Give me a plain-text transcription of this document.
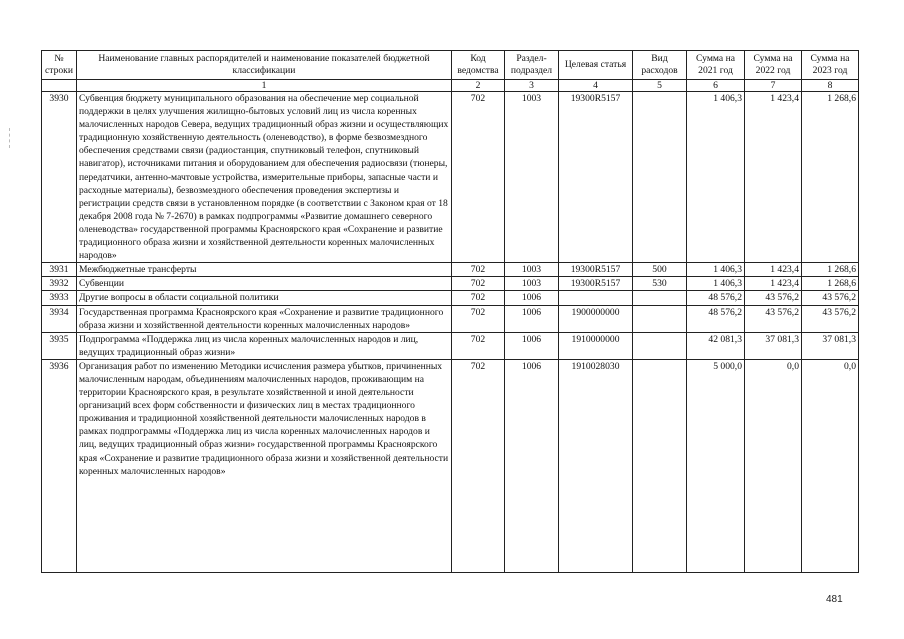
№ строки	Наименование главных распорядителей и наименование показателей бюджетной классификации	Код ведомства	Раздел-подраздел	Целевая статья	Вид расходов	Сумма на 2021 год	Сумма на 2022 год	Сумма на 2023 год
	1	2	3	4	5	6	7	8
3930	Субвенция бюджету муниципального образования на обеспечение мер социальной поддержки в целях улучшения жилищно-бытовых условий лиц из числа коренных малочисленных народов Севера, ведущих традиционный образ жизни и осуществляющих традиционную хозяйственную деятельность (оленеводство), в форме безвозмездного обеспечения средствами связи (радиостанция, спутниковый телефон, спутниковый навигатор), источниками питания и оборудованием для обеспечения радиосвязи (тюнеры, передатчики, антенно-мачтовые устройства, измерительные приборы, запасные части и расходные материалы), безвозмездного обеспечения проведения экспертизы и регистрации средств связи в установленном порядке (в соответствии с Законом края от 18 декабря 2008 года № 7-2670) в рамках подпрограммы «Развитие домашнего северного оленеводства» государственной программы Красноярского края «Сохранение и развитие традиционного образа жизни и хозяйственной деятельности коренных малочисленных народов»	702	1003	19300R5157		1 406,3	1 423,4	1 268,6
3931	Межбюджетные трансферты	702	1003	19300R5157	500	1 406,3	1 423,4	1 268,6
3932	Субвенции	702	1003	19300R5157	530	1 406,3	1 423,4	1 268,6
3933	Другие вопросы в области социальной политики	702	1006			48 576,2	43 576,2	43 576,2
3934	Государственная программа Красноярского края «Сохранение и развитие традиционного образа жизни и хозяйственной деятельности коренных малочисленных народов»	702	1006	1900000000		48 576,2	43 576,2	43 576,2
3935	Подпрограмма «Поддержка лиц из числа коренных малочисленных народов и лиц, ведущих традиционный образ жизни»	702	1006	1910000000		42 081,3	37 081,3	37 081,3
3936	Организация работ по изменению Методики исчисления размера убытков, причиненных малочисленным народам, объединениям малочисленных народов, проживающим на территории Красноярского края, в результате хозяйственной и иной деятельности организаций всех форм собственности и физических лиц в местах традиционного проживания и традиционной хозяйственной деятельности малочисленных народов в рамках подпрограммы «Поддержка лиц из числа коренных малочисленных народов и лиц, ведущих традиционный образ жизни» государственной программы Красноярского края «Сохранение и развитие традиционного образа жизни и хозяйственной деятельности коренных малочисленных народов»	702	1006	1910028030		5 000,0	0,0	0,0
481
